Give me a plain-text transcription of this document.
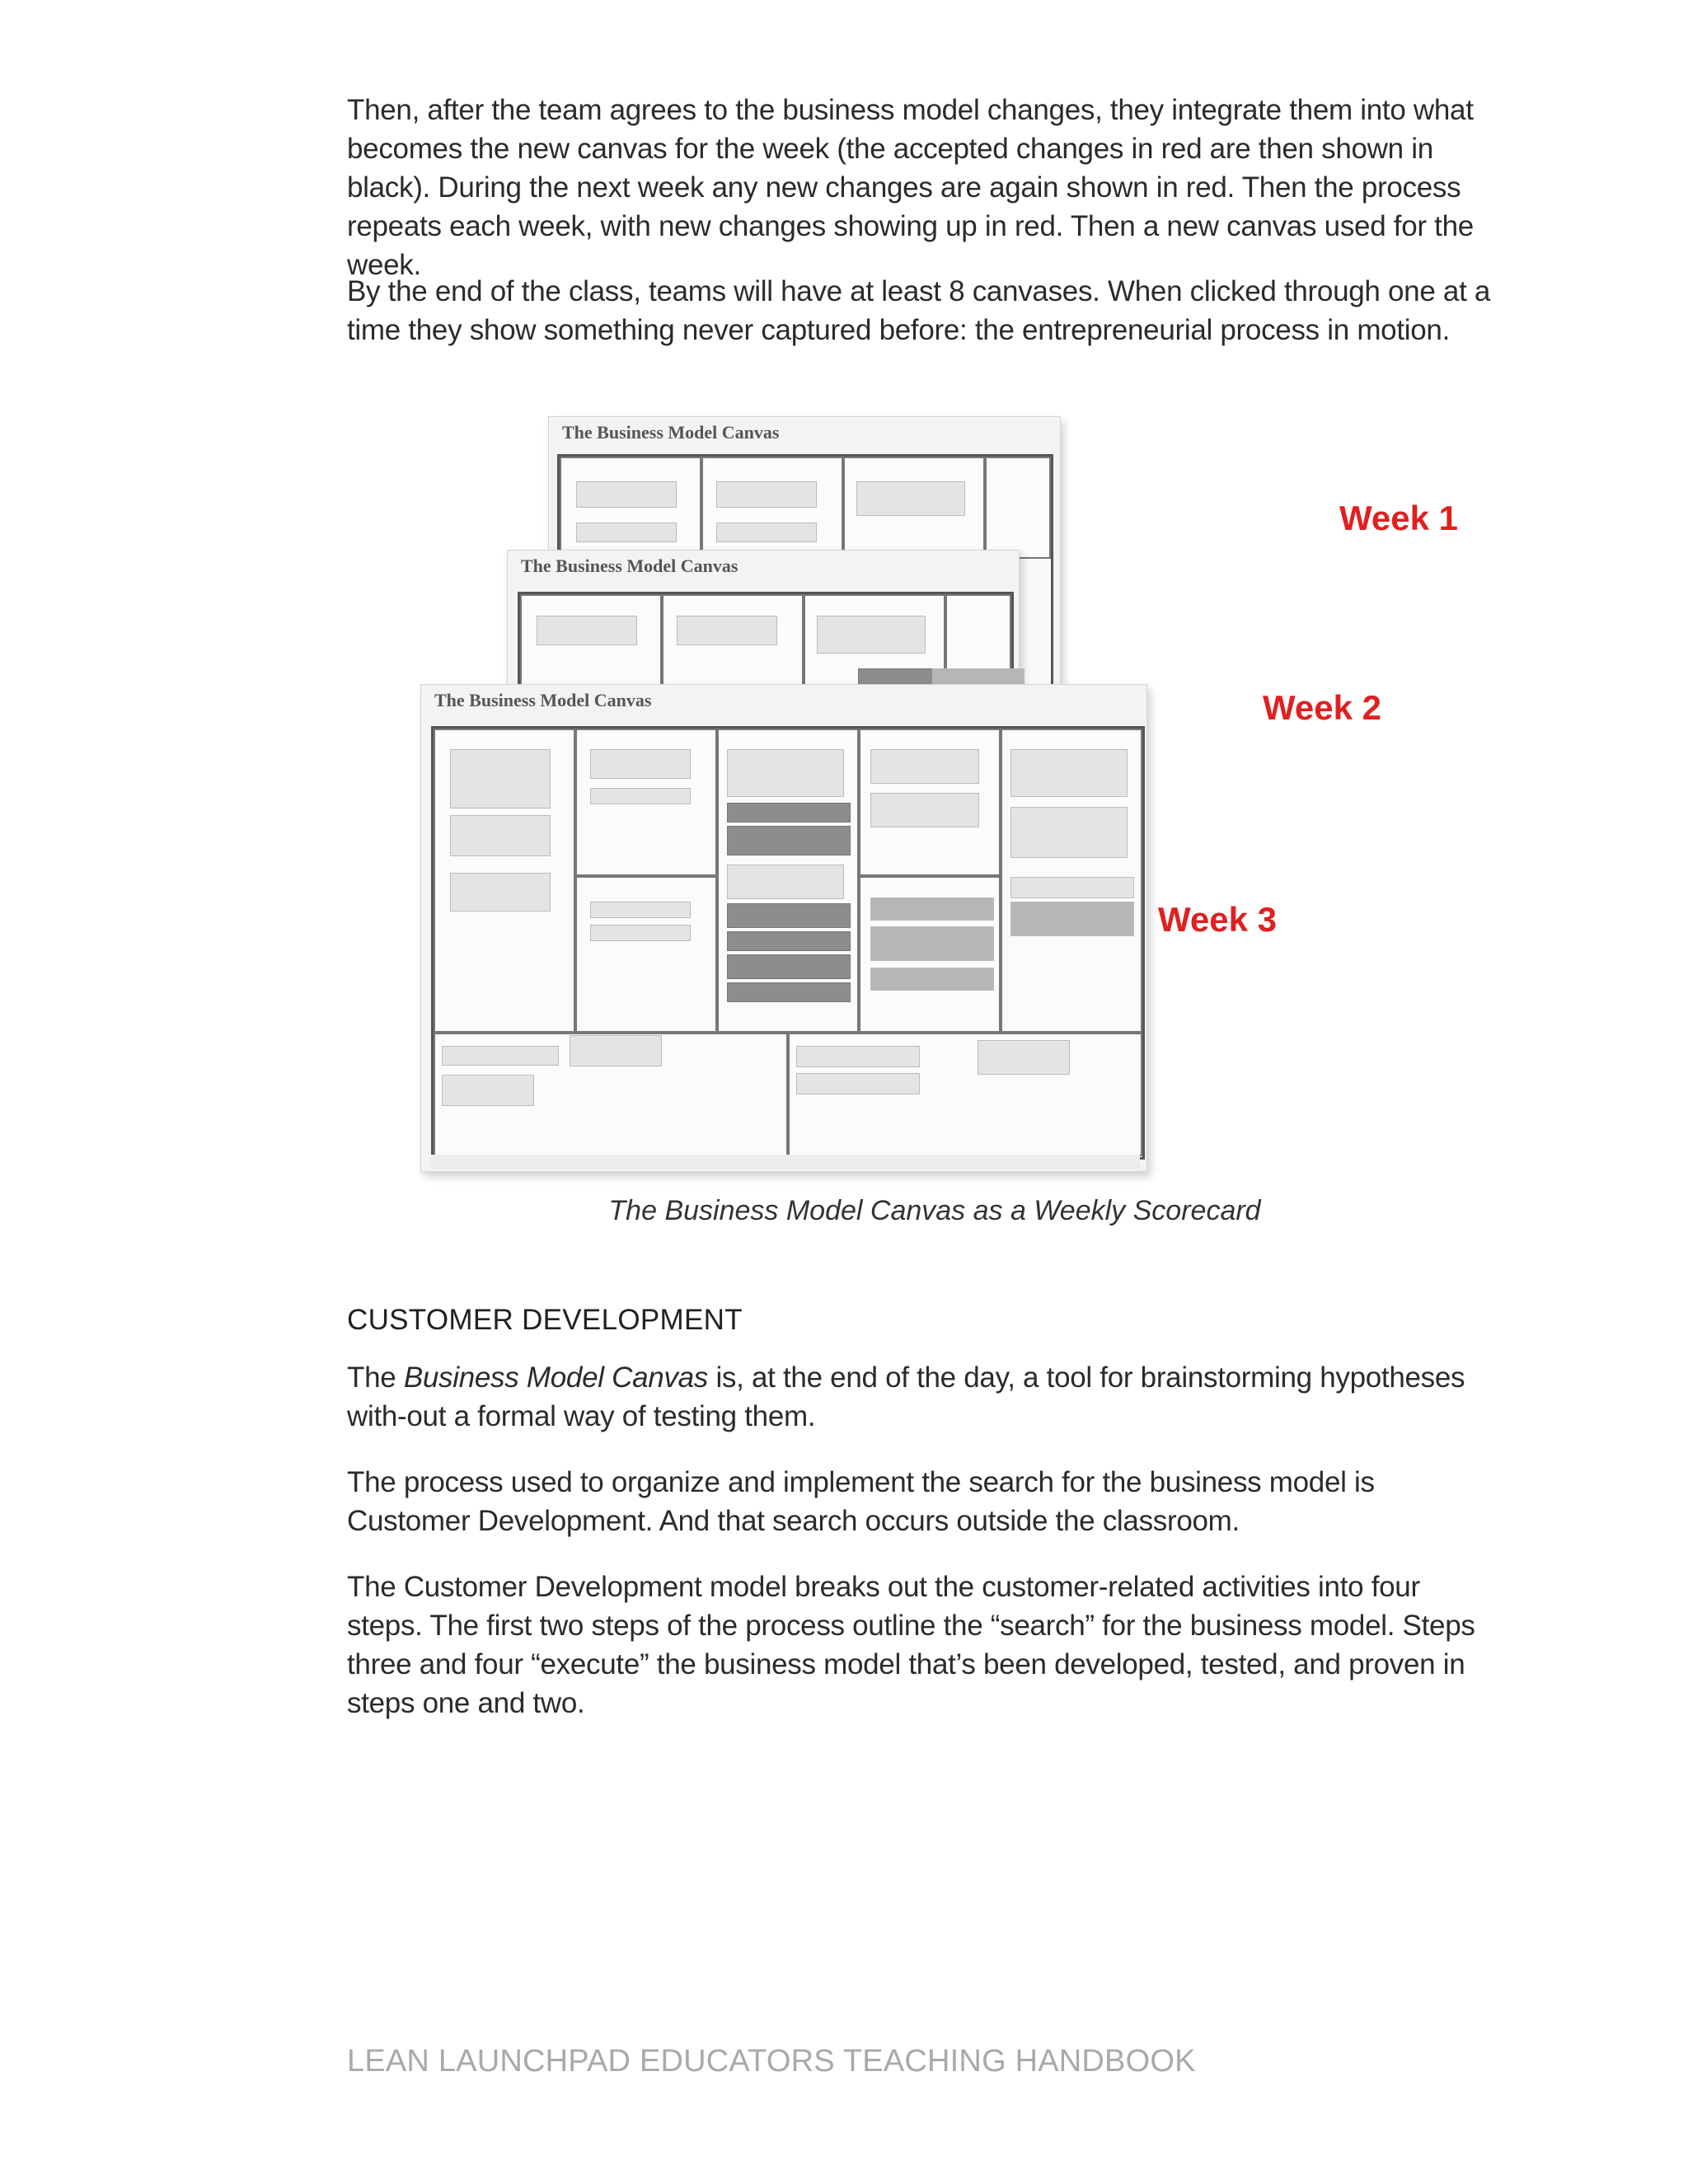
Then, after the team agrees to the business model changes, they integrate them into what becomes the new canvas for the week (the accepted changes in red are then shown in black). During the next week any new changes are again shown in red. Then the process repeats each week, with new changes showing up in red. Then a new canvas used for the week.

By the end of the class, teams will have at least 8 canvases. When clicked through one at a time they show something never captured before: the entrepreneurial process in motion.

The Business Model Canvas
The Business Model Canvas
The Business Model Canvas
Week 1
Week 2
Week 3

The Business Model Canvas as a Weekly Scorecard

CUSTOMER DEVELOPMENT

The Business Model Canvas is, at the end of the day, a tool for brainstorming hypotheses with-out a formal way of testing them.

The process used to organize and implement the search for the business model is Customer Development. And that search occurs outside the classroom.

The Customer Development model breaks out the customer-related activities into four steps. The first two steps of the process outline the “search” for the business model. Steps three and four “execute” the business model that’s been developed, tested, and proven in steps one and two.

LEAN LAUNCHPAD EDUCATORS TEACHING HANDBOOK
